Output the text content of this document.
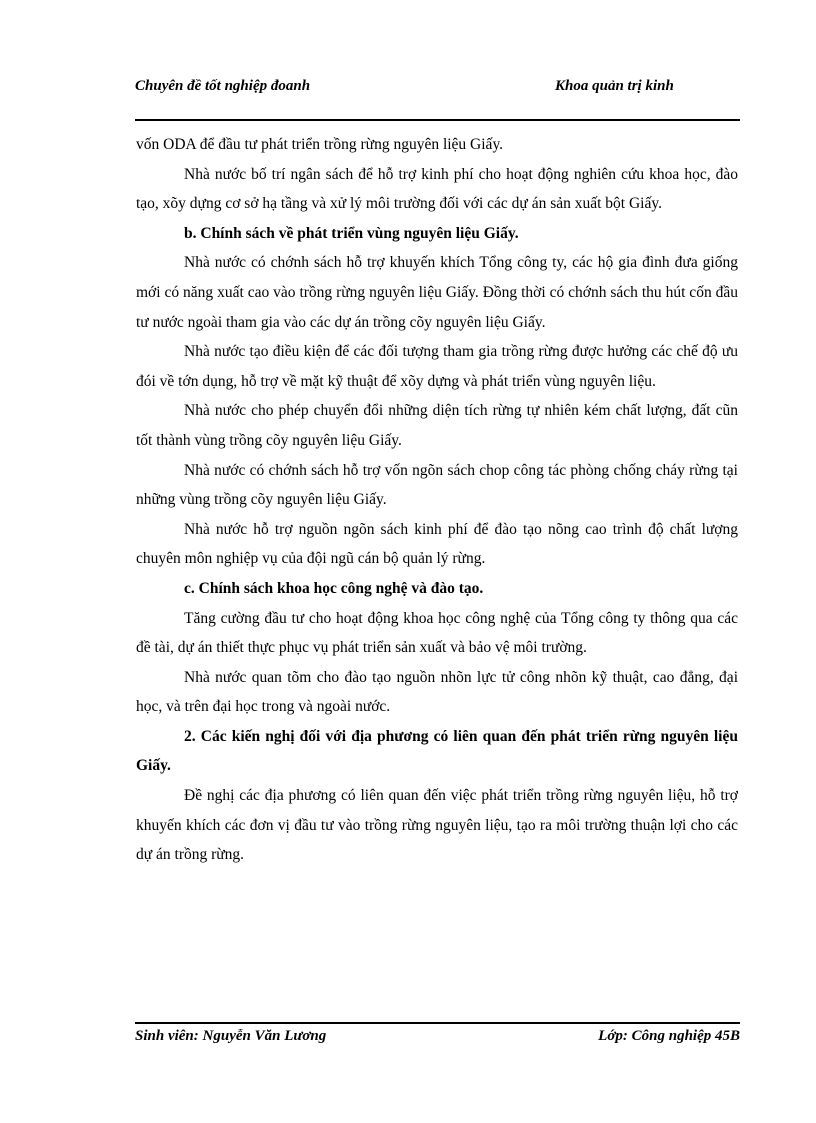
Chuyên đề tốt nghiệp đoanh	Khoa quản trị kinh

vốn ODA để đầu tư phát triển trồng rừng nguyên liệu Giấy.

Nhà nước bố trí ngân sách để hỗ trợ kinh phí cho hoạt động nghiên cứu khoa học, đào tạo, xõy dựng cơ sở hạ tầng và xử lý môi trường đối với các dự án sản xuất bột Giấy.

b. Chính sách về phát triển vùng nguyên liệu Giấy.

Nhà nước có chớnh sách hỗ trợ khuyến khích Tổng công ty, các hộ gia đình đưa giống mới có năng xuất cao vào trồng rừng nguyên liệu Giấy. Đồng thời có chớnh sách thu hút cốn đầu tư nước ngoài tham gia vào các dự án trồng cõy nguyên liệu Giấy.

Nhà nước tạo điều kiện để các đối tượng tham gia trồng rừng được hưởng các chế độ ưu đói về tớn dụng, hỗ trợ về mặt kỹ thuật để xõy dựng và phát triển vùng nguyên liệu.

Nhà nước cho phép chuyển đổi những diện tích rừng tự nhiên kém chất lượng, đất cũn tốt thành vùng trồng cõy nguyên liệu Giấy.

Nhà nước có chớnh sách hỗ trợ vốn ngõn sách chop công tác phòng chống cháy rừng tại những vùng trồng cõy nguyên liệu Giấy.

Nhà nước hỗ trợ nguồn ngõn sách kinh phí để đào tạo nõng cao trình độ chất lượng chuyên môn nghiệp vụ của đội ngũ cán bộ quản lý rừng.

c. Chính sách khoa học công nghệ và đào tạo.

Tăng cường đầu tư cho hoạt động khoa học công nghệ của Tổng công ty thông qua các đề tài, dự án thiết thực phục vụ phát triển sản xuất và bảo vệ môi trường.

Nhà nước quan tõm cho đào tạo nguồn nhõn lực tử công nhõn kỹ thuật, cao đẳng, đại học, và trên đại học trong và ngoài nước.

2. Các kiến nghị đối với địa phương có liên quan đến phát triển rừng nguyên liệu Giấy.

Đề nghị các địa phương có liên quan đến việc phát triển trồng rừng nguyên liệu, hỗ trợ khuyến khích các đơn vị đầu tư vào trồng rừng nguyên liệu, tạo ra môi trường thuận lợi cho các dự án trồng rừng.

Sinh viên: Nguyễn Văn Lương	Lớp: Công nghiệp 45B
